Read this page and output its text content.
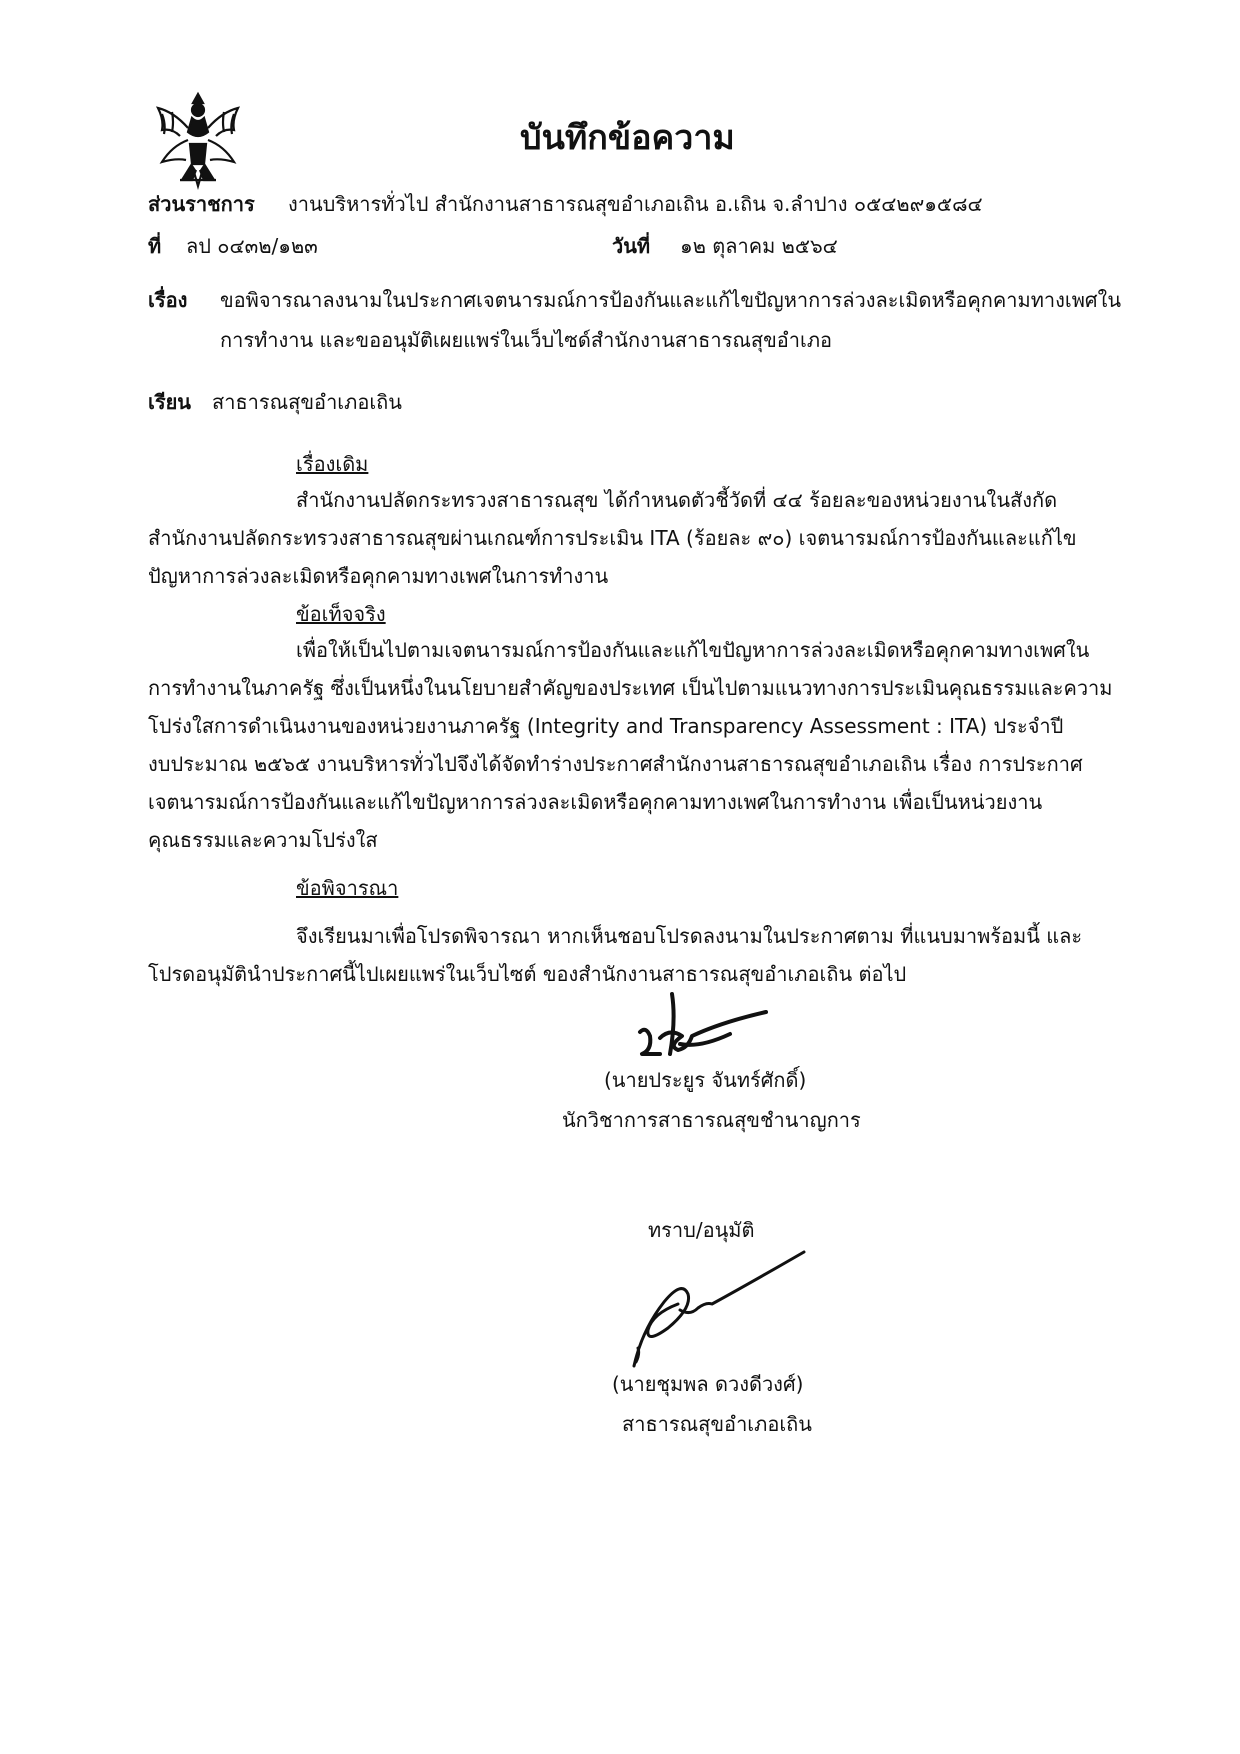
บันทึกข้อความ
ส่วนราชการ งานบริหารทั่วไป สำนักงานสาธารณสุขอำเภอเถิน อ.เถิน จ.ลำปาง ๐๕๔๒๙๑๕๘๔
ที่ ลป ๐๔๓๒/๑๒๓	วันที่ ๑๒ ตุลาคม ๒๕๖๔
เรื่อง ขอพิจารณาลงนามในประกาศเจตนารมณ์การป้องกันและแก้ไขปัญหาการล่วงละเมิดหรือคุกคามทางเพศใน
การทำงาน และขออนุมัติเผยแพร่ในเว็บไซด์สำนักงานสาธารณสุขอำเภอ
เรียน สาธารณสุขอำเภอเถิน
เรื่องเดิม
สำนักงานปลัดกระทรวงสาธารณสุข ได้กำหนดตัวชี้วัดที่ ๔๔ ร้อยละของหน่วยงานในสังกัด
สำนักงานปลัดกระทรวงสาธารณสุขผ่านเกณฑ์การประเมิน ITA (ร้อยละ ๙๐) เจตนารมณ์การป้องกันและแก้ไข
ปัญหาการล่วงละเมิดหรือคุกคามทางเพศในการทำงาน
ข้อเท็จจริง
เพื่อให้เป็นไปตามเจตนารมณ์การป้องกันและแก้ไขปัญหาการล่วงละเมิดหรือคุกคามทางเพศใน
การทำงานในภาครัฐ ซึ่งเป็นหนึ่งในนโยบายสำคัญของประเทศ เป็นไปตามแนวทางการประเมินคุณธรรมและความ
โปร่งใสการดำเนินงานของหน่วยงานภาครัฐ (Integrity and Transparency Assessment : ITA) ประจำปี
งบประมาณ ๒๕๖๕ งานบริหารทั่วไปจึงได้จัดทำร่างประกาศสำนักงานสาธารณสุขอำเภอเถิน เรื่อง การประกาศ
เจตนารมณ์การป้องกันและแก้ไขปัญหาการล่วงละเมิดหรือคุกคามทางเพศในการทำงาน เพื่อเป็นหน่วยงาน
คุณธรรมและความโปร่งใส
ข้อพิจารณา
จึงเรียนมาเพื่อโปรดพิจารณา หากเห็นชอบโปรดลงนามในประกาศตาม ที่แนบมาพร้อมนี้ และ
โปรดอนุมัตินำประกาศนี้ไปเผยแพร่ในเว็บไซต์ ของสำนักงานสาธารณสุขอำเภอเถิน ต่อไป
(นายประยูร จันทร์ศักดิ์)
นักวิชาการสาธารณสุขชำนาญการ
ทราบ/อนุมัติ
(นายชุมพล ดวงดีวงศ์)
สาธารณสุขอำเภอเถิน
